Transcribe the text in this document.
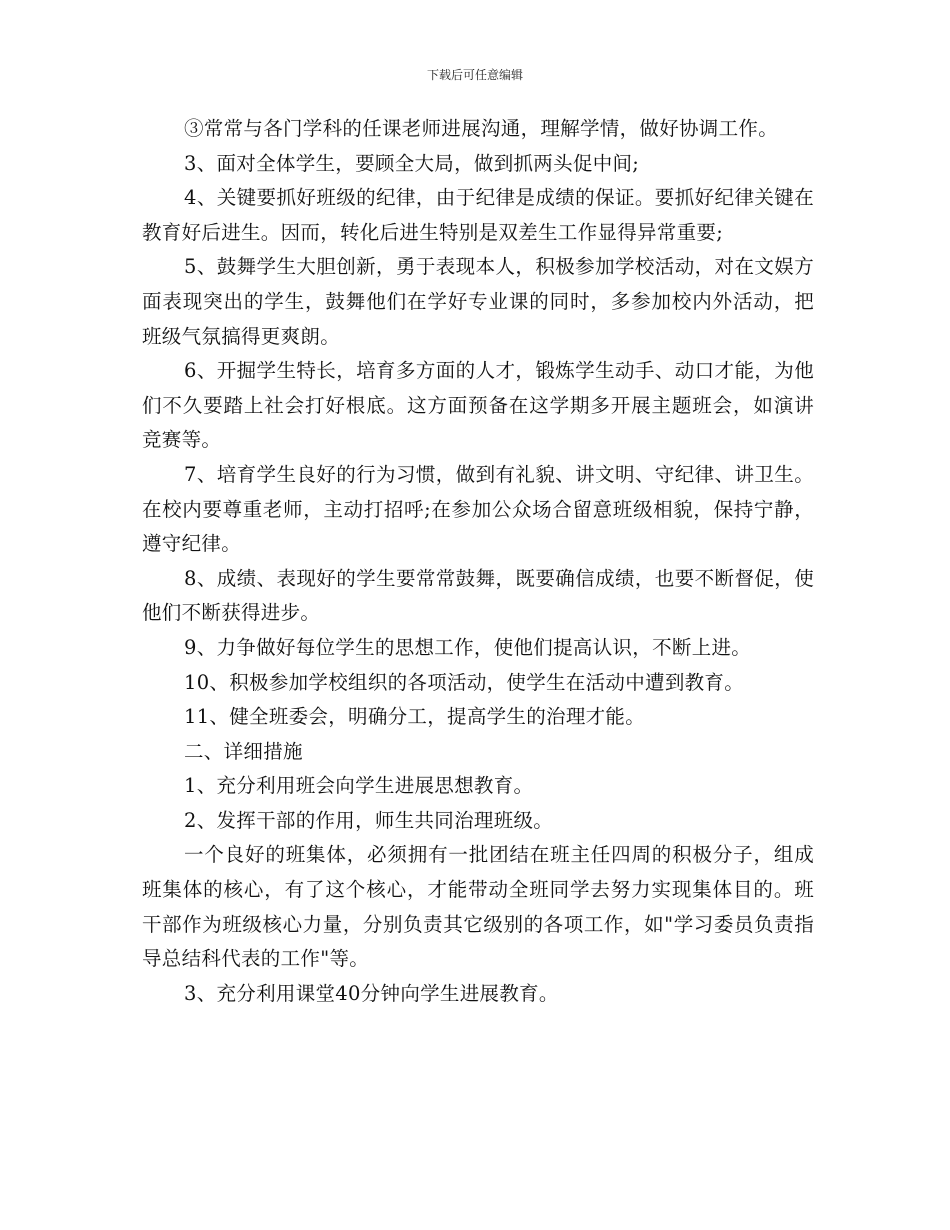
下载后可任意编辑

③常常与各门学科的任课老师进展沟通，理解学情，做好协调工作。

3、面对全体学生，要顾全大局，做到抓两头促中间;

4、关键要抓好班级的纪律，由于纪律是成绩的保证。要抓好纪律关键在教育好后进生。因而，转化后进生特别是双差生工作显得异常重要;

5、鼓舞学生大胆创新，勇于表现本人，积极参加学校活动，对在文娱方面表现突出的学生，鼓舞他们在学好专业课的同时，多参加校内外活动，把班级气氛搞得更爽朗。

6、开掘学生特长，培育多方面的人才，锻炼学生动手、动口才能，为他们不久要踏上社会打好根底。这方面预备在这学期多开展主题班会，如演讲竞赛等。

7、培育学生良好的行为习惯，做到有礼貌、讲文明、守纪律、讲卫生。在校内要尊重老师，主动打招呼;在参加公众场合留意班级相貌，保持宁静，遵守纪律。

8、成绩、表现好的学生要常常鼓舞，既要确信成绩，也要不断督促，使他们不断获得进步。

9、力争做好每位学生的思想工作，使他们提高认识，不断上进。

10、积极参加学校组织的各项活动，使学生在活动中遭到教育。

11、健全班委会，明确分工，提高学生的治理才能。

二、详细措施

1、充分利用班会向学生进展思想教育。

2、发挥干部的作用，师生共同治理班级。

一个良好的班集体，必须拥有一批团结在班主任四周的积极分子，组成班集体的核心，有了这个核心，才能带动全班同学去努力实现集体目的。班干部作为班级核心力量，分别负责其它级别的各项工作，如"学习委员负责指导总结科代表的工作"等。

3、充分利用课堂40分钟向学生进展教育。
